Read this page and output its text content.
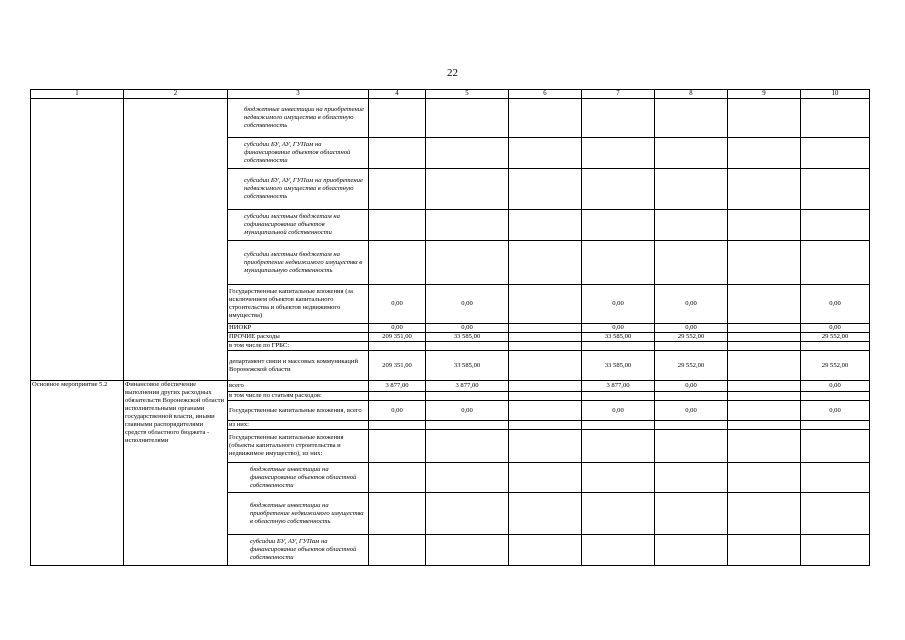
22
1	2	3	4	5	6	7	8	9	10
		бюджетные инвестиции на приобретение недвижимого имущества в областную собственность							
		субсидии БУ, АУ, ГУПам на финансирование объектов областной собственности							
		субсидии БУ, АУ, ГУПам на приобретение недвижимого имущества в областную собственность							
		субсидии местным бюджетам на софинансирование объектов муниципальной собственности							
		субсидии местным бюджетам на приобретение недвижимого имущества в муниципальную собственность							
		Государственные капитальные вложения (за исключением объектов капитального строительства и объектов недвижимого имущества)	0,00	0,00		0,00	0,00		0,00
		НИОКР	0,00	0,00		0,00	0,00		0,00
		ПРОЧИЕ расходы	209 351,00	33 585,00		33 585,00	29 552,00		29 552,00
		в том числе по ГРБС:							
		департамент связи и массовых коммуникаций Воронежской области	209 351,00	33 585,00		33 585,00	29 552,00		29 552,00
Основное мероприятие 5.2	Финансовое обеспечение выполнения других расходных обязательств Воронежской области исполнительными органами государственной власти, иными главными распорядителями средств областного бюджета - исполнителями	всего	3 877,00	3 877,00		3 877,00	0,00		0,00
		в том числе по статьям расходов:							
		Государственные капитальные вложения, всего	0,00	0,00		0,00	0,00		0,00
		из них:							
		Государственные капитальные вложения (объекты капитального строительства и недвижимое имущество), из них:							
		бюджетные инвестиции на финансирование объектов областной собственности							
		бюджетные инвестиции на приобретение недвижимого имущества в областную собственность							
		субсидии БУ, АУ, ГУПам на финансирование объектов областной собственности							
